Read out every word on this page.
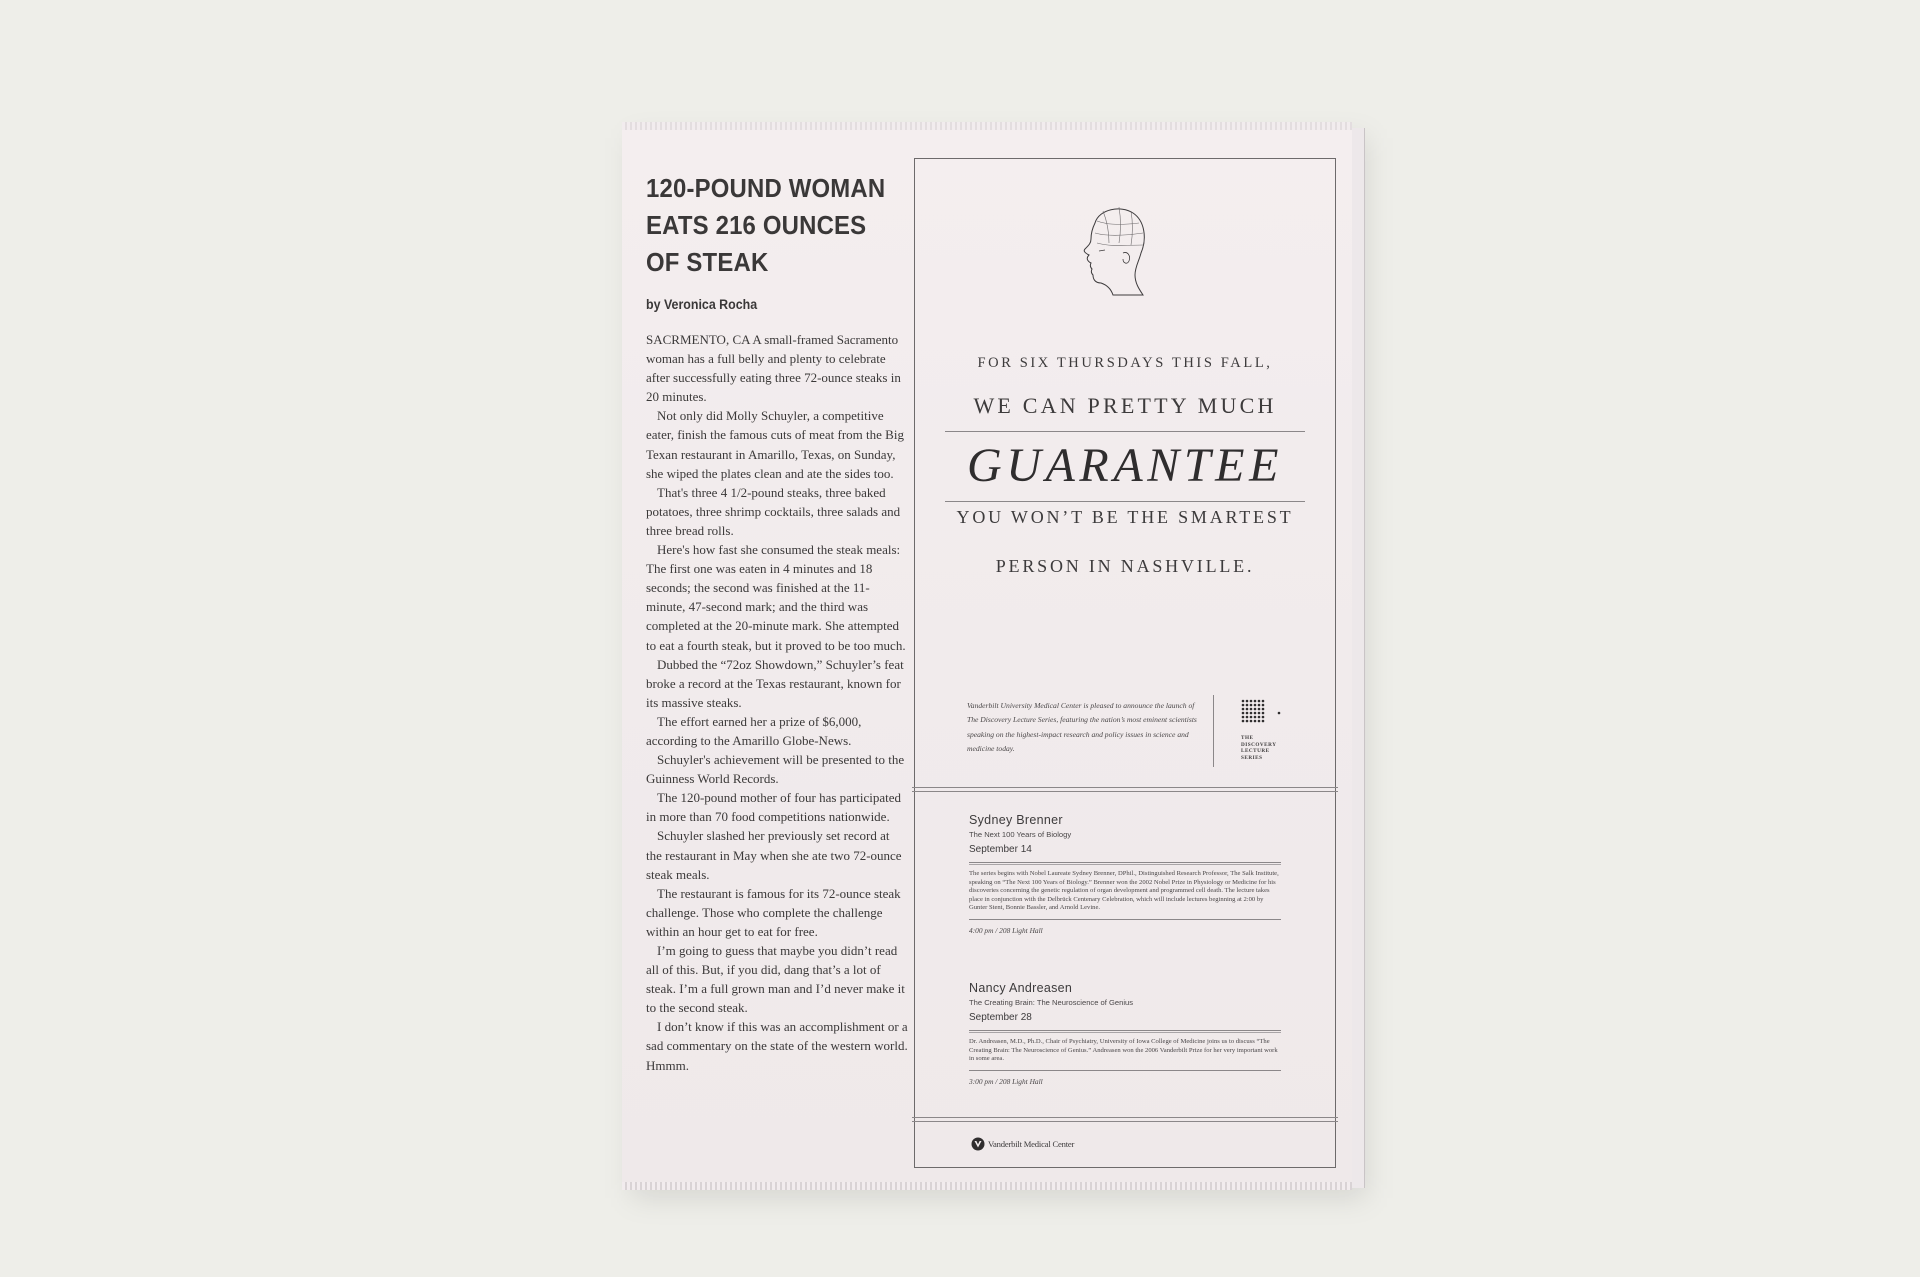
120-POUND WOMAN
EATS 216 OUNCES
OF STEAK
by Veronica Rocha

SACRMENTO, CA A small-framed Sacramento woman has a full belly and plenty to celebrate after successfully eating three 72-ounce steaks in 20 minutes.

Not only did Molly Schuyler, a competitive eater, finish the famous cuts of meat from the Big Texan restaurant in Amarillo, Texas, on Sunday, she wiped the plates clean and ate the sides too.

That's three 4 1/2-pound steaks, three baked potatoes, three shrimp cocktails, three salads and three bread rolls.

Here's how fast she consumed the steak meals: The first one was eaten in 4 minutes and 18 seconds; the second was finished at the 11-minute, 47-second mark; and the third was completed at the 20-minute mark. She attempted to eat a fourth steak, but it proved to be too much.

Dubbed the “72oz Showdown,” Schuyler’s feat broke a record at the Texas restaurant, known for its massive steaks.

The effort earned her a prize of $6,000, according to the Amarillo Globe-News.

Schuyler's achievement will be presented to the Guinness World Records.

The 120-pound mother of four has participated in more than 70 food competitions nationwide.

Schuyler slashed her previously set record at the restaurant in May when she ate two 72-ounce steak meals.

The restaurant is famous for its 72-ounce steak challenge. Those who complete the challenge within an hour get to eat for free.

I’m going to guess that maybe you didn’t read all of this. But, if you did, dang that’s a lot of steak. I’m a full grown man and I’d never make it to the second steak.

I don’t know if this was an accomplishment or a sad commentary on the state of the western world. Hmmm.

FOR SIX THURSDAYS THIS FALL,
WE CAN PRETTY MUCH
GUARANTEE
YOU WON’T BE THE SMARTEST
PERSON IN NASHVILLE.
Vanderbilt University Medical Center is pleased to announce the launch of The Discovery Lecture Series, featuring the nation’s most eminent scientists speaking on the highest-impact research and policy issues in science and medicine today.
THE
DISCOVERY
LECTURE
SERIES
Sydney Brenner
The Next 100 Years of Biology
September 14
The series begins with Nobel Laureate Sydney Brenner, DPhil., Distinguished Research Professor, The Salk Institute, speaking on “The Next 100 Years of Biology.” Brenner won the 2002 Nobel Prize in Physiology or Medicine for his discoveries concerning the genetic regulation of organ development and programmed cell death. The lecture takes place in conjunction with the Delbrück Centenary Celebration, which will include lectures beginning at 2:00 by Gunter Stent, Bonnie Bassler, and Arnold Levine.
4:00 pm / 208 Light Hall
Nancy Andreasen
The Creating Brain: The Neuroscience of Genius
September 28
Dr. Andreasen, M.D., Ph.D., Chair of Psychiatry, University of Iowa College of Medicine joins us to discuss “The Creating Brain: The Neuroscience of Genius.” Andreasen won the 2006 Vanderbilt Prize for her very important work in some area.
3:00 pm / 208 Light Hall
Vanderbilt Medical Center
